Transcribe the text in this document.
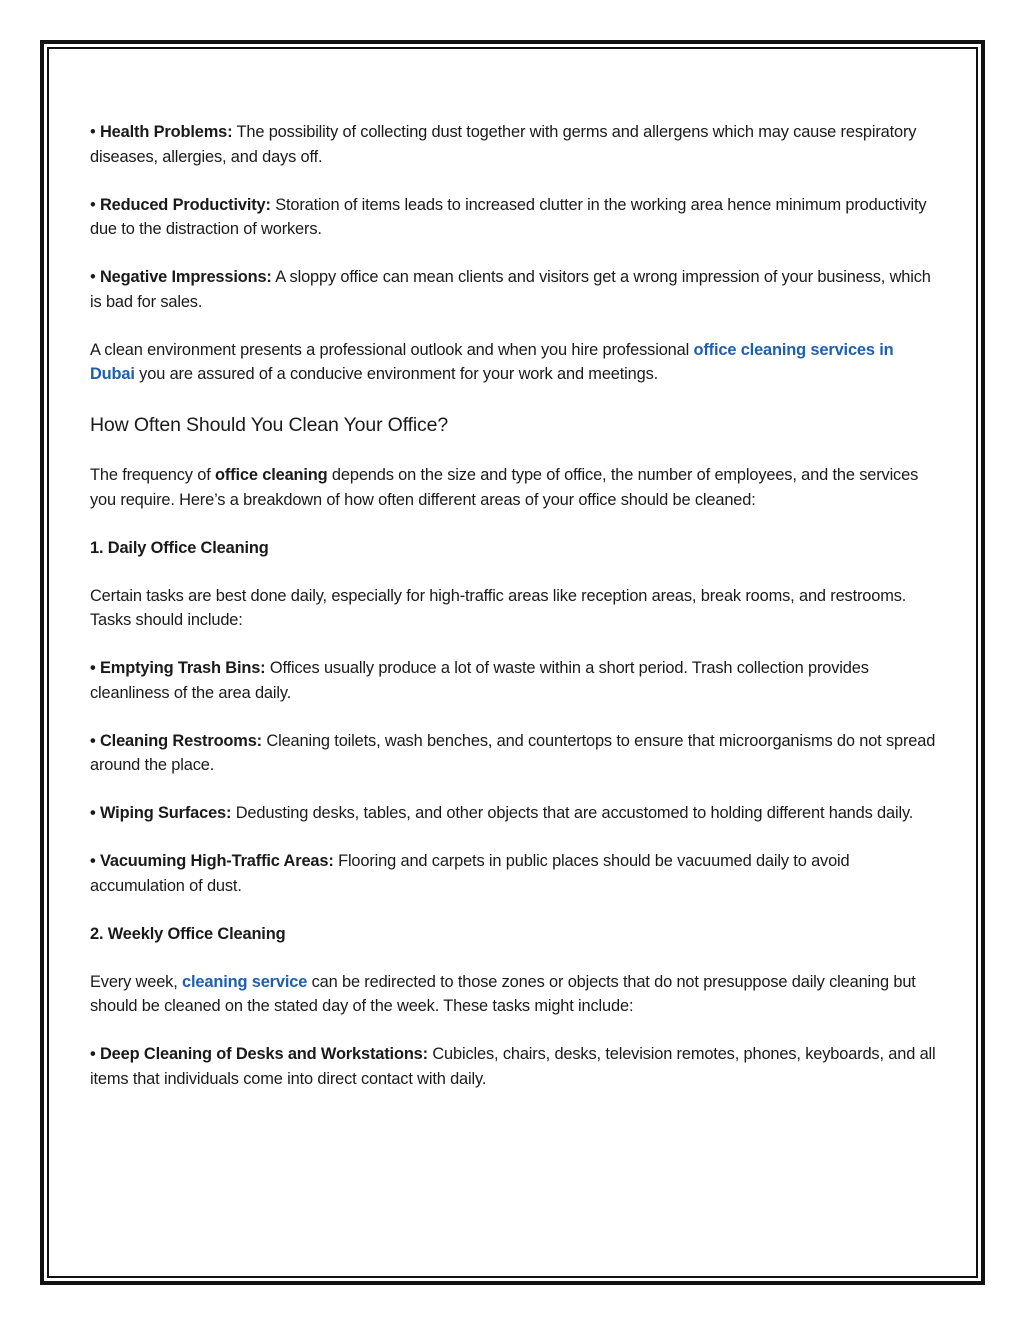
• Health Problems: The possibility of collecting dust together with germs and allergens which may cause respiratory diseases, allergies, and days off.

• Reduced Productivity: Storation of items leads to increased clutter in the working area hence minimum productivity due to the distraction of workers.

• Negative Impressions: A sloppy office can mean clients and visitors get a wrong impression of your business, which is bad for sales.

A clean environment presents a professional outlook and when you hire professional office cleaning services in Dubai you are assured of a conducive environment for your work and meetings.

How Often Should You Clean Your Office?

The frequency of office cleaning depends on the size and type of office, the number of employees, and the services you require. Here’s a breakdown of how often different areas of your office should be cleaned:

1. Daily Office Cleaning

Certain tasks are best done daily, especially for high-traffic areas like reception areas, break rooms, and restrooms. Tasks should include:

• Emptying Trash Bins: Offices usually produce a lot of waste within a short period. Trash collection provides cleanliness of the area daily.

• Cleaning Restrooms: Cleaning toilets, wash benches, and countertops to ensure that microorganisms do not spread around the place.

• Wiping Surfaces: Dedusting desks, tables, and other objects that are accustomed to holding different hands daily.

• Vacuuming High-Traffic Areas: Flooring and carpets in public places should be vacuumed daily to avoid accumulation of dust.

2. Weekly Office Cleaning

Every week, cleaning service can be redirected to those zones or objects that do not presuppose daily cleaning but should be cleaned on the stated day of the week. These tasks might include:

• Deep Cleaning of Desks and Workstations: Cubicles, chairs, desks, television remotes, phones, keyboards, and all items that individuals come into direct contact with daily.
